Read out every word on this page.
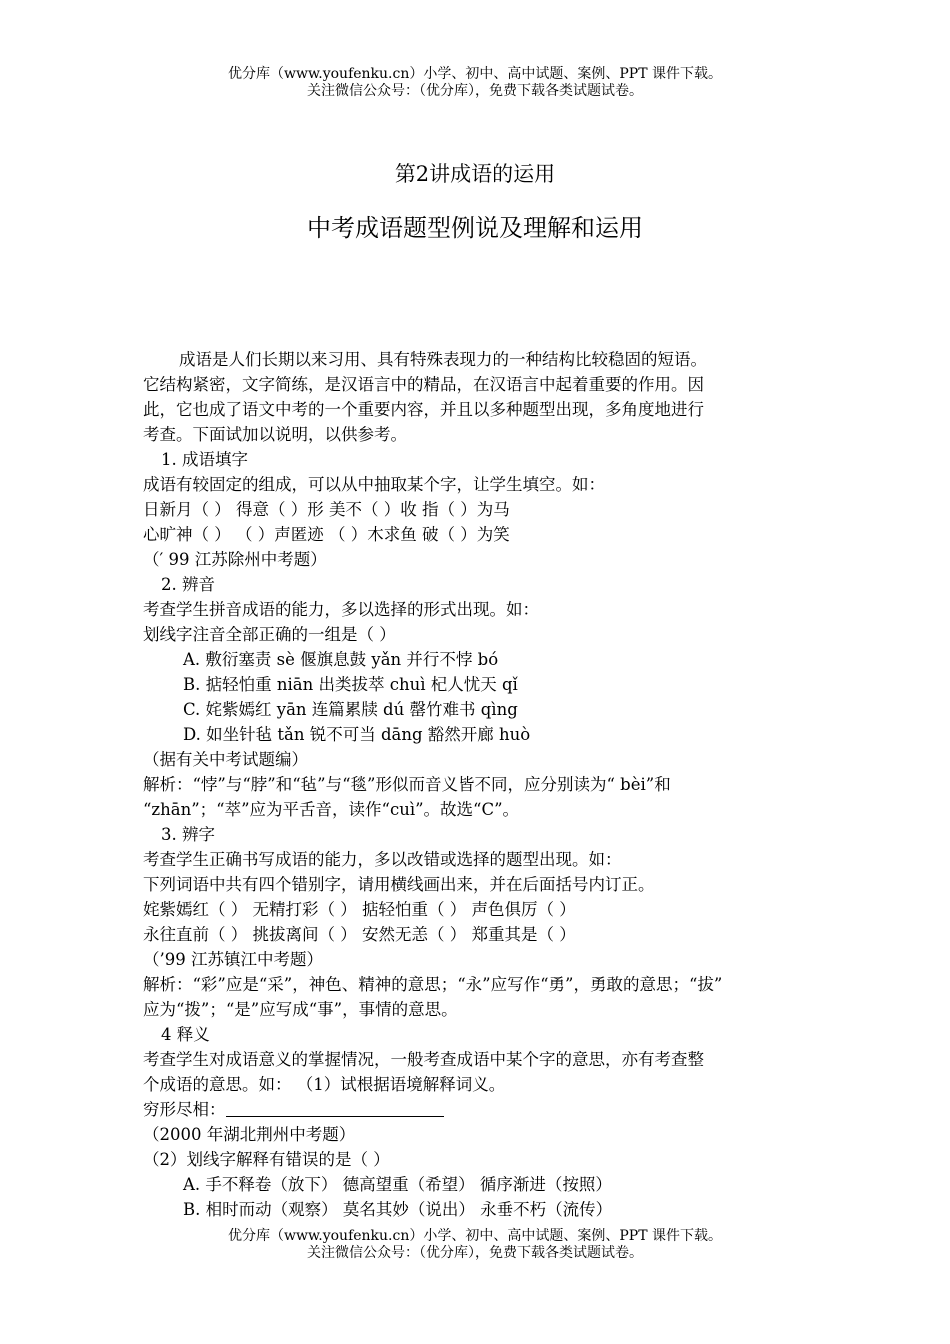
优分库（www.youfenku.cn）小学、初中、高中试题、案例、PPT 课件下载。
关注微信公众号：（优分库），免费下载各类试题试卷。
第2讲成语的运用
中考成语题型例说及理解和运用
成语是人们长期以来习用、具有特殊表现力的一种结构比较稳固的短语。
它结构紧密，文字简练，是汉语言中的精品，在汉语言中起着重要的作用。因
此，它也成了语文中考的一个重要内容，并且以多种题型出现，多角度地进行
考查。下面试加以说明，以供参考。
1. 成语填字
成语有较固定的组成，可以从中抽取某个字，让学生填空。如：
日新月（ ） 得意（ ）形 美不（ ）收 指（ ）为马
心旷神（ ） （ ）声匿迹 （ ）木求鱼 破（ ）为笑
（′ 99 江苏除州中考题）
2. 辨音
考查学生拼音成语的能力，多以选择的形式出现。如：
划线字注音全部正确的一组是（ ）
A. 敷衍塞责 sè 偃旗息鼓 yǎn 并行不悖 bó
B. 掂轻怕重 niān 出类拔萃 chuì 杞人忧天 qǐ
C. 姹紫嫣红 yān 连篇累牍 dú 罄竹难书 qìng
D. 如坐针毡 tǎn 锐不可当 dāng 豁然开廊 huò
（据有关中考试题编）
解析：“悖”与“脖”和“毡”与“毯”形似而音义皆不同，应分别读为“ bèi”和
“zhān”；“萃”应为平舌音，读作“cuì”。故选“C”。
3. 辨字
考查学生正确书写成语的能力，多以改错或选择的题型出现。如：
下列词语中共有四个错别字，请用横线画出来，并在后面括号内订正。
姹紫嫣红（ ） 无精打彩（ ） 掂轻怕重（ ） 声色俱厉（ ）
永往直前（ ） 挑拔离间（ ） 安然无恙（ ） 郑重其是（ ）
（’99 江苏镇江中考题）
解析：“彩”应是“采”，神色、精神的意思；“永”应写作“勇”，勇敢的意思；“拔”
应为“拨”；“是”应写成“事”，事情的意思。
4 释义
考查学生对成语意义的掌握情况，一般考查成语中某个字的意思，亦有考查整
个成语的意思。如： （1）试根据语境解释词义。
穷形尽相：
（2000 年湖北荆州中考题）
（2）划线字解释有错误的是（ ）
A. 手不释卷（放下） 德高望重（希望） 循序渐进（按照）
B. 相时而动（观察） 莫名其妙（说出） 永垂不朽（流传）
优分库（www.youfenku.cn）小学、初中、高中试题、案例、PPT 课件下载。
关注微信公众号：（优分库），免费下载各类试题试卷。
